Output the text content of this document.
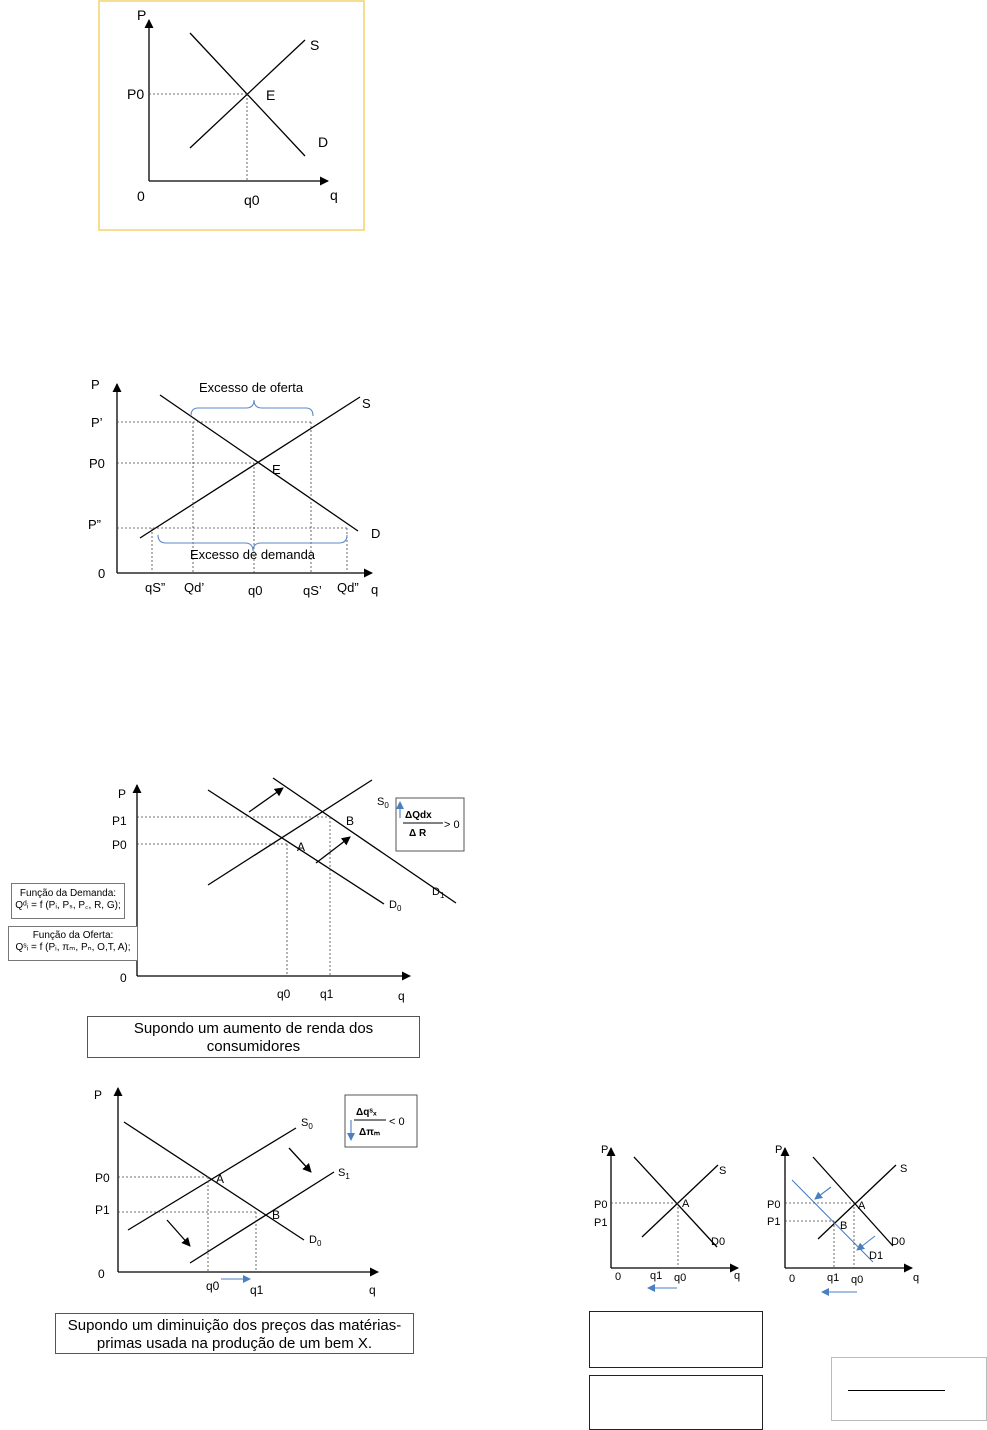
P
q
0
P0
q0
E
S
D
P
q
0
P’
P0
P”
Excesso de oferta
Excesso de demanda
E
S
D
qS” Qd’	q0	qS’ Qd”
P
q
0
P1
P0
q0 q1
A
B
$S_0$
$D_0$
$D_1$
ΔQdx
Δ R
> 0
P
q
0
P0
P1
q0	q1
A
B
$S_0$
$S_1$
$D_0$
Δqˢₓ
Δπₘ
< 0
P
q
0
P0
P1
q1 q0
A
S
D0
P
q
0
P0
P1
q1 q0
A
B
S
D0
D1
Função da Demanda:
Qᵈᵢ = f (Pᵢ, Pₛ, P꜀, R, G);
Função da Oferta:
Qˢᵢ = f (Pᵢ, πₘ, Pₙ, O,T, A);
Supondo um aumento de renda dos consumidores
Supondo um diminuição dos preços das matérias-primas usada na produção de um bem X.
